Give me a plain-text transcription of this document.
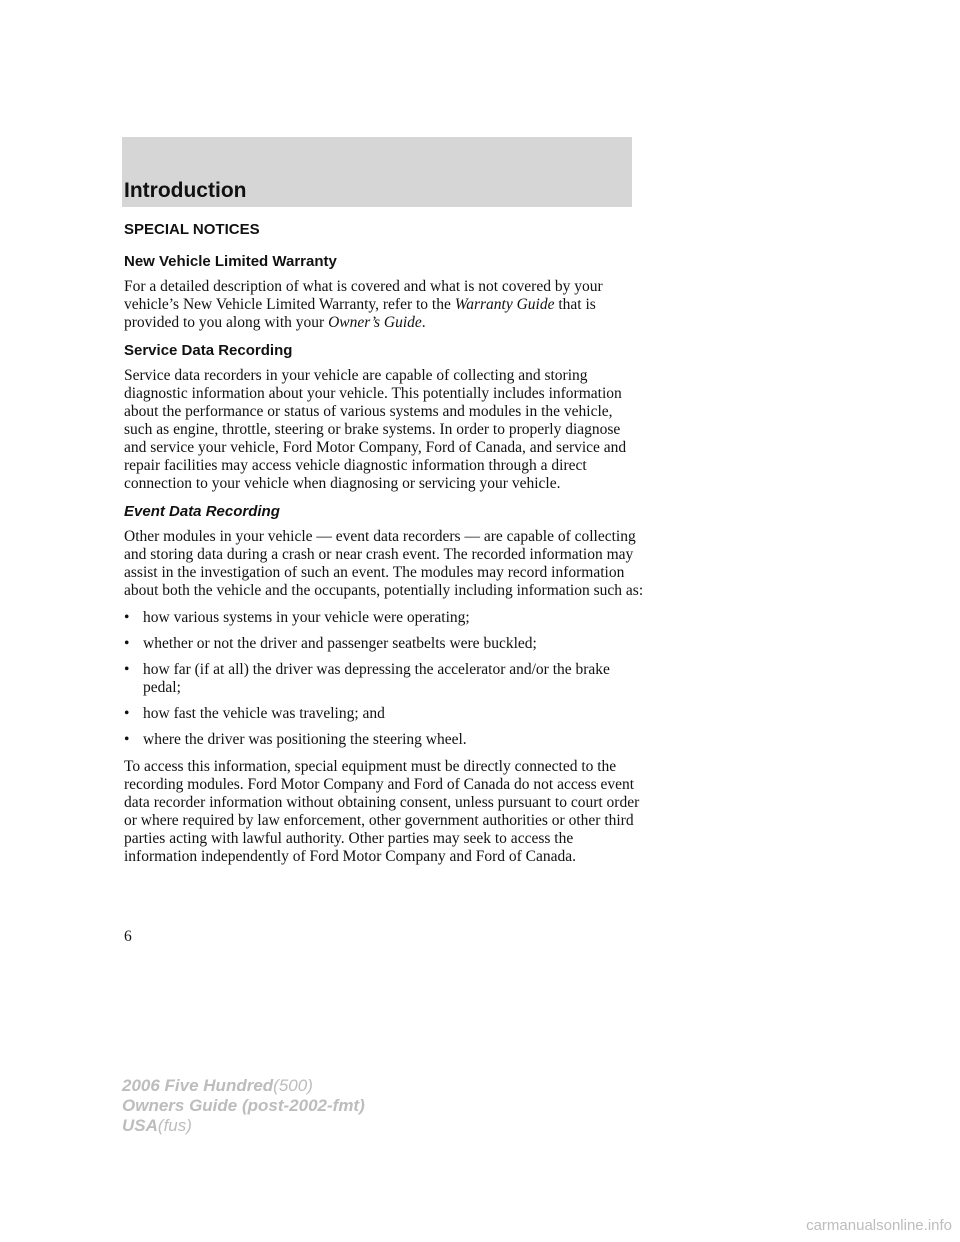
Introduction
SPECIAL NOTICES
New Vehicle Limited Warranty

For a detailed description of what is covered and what is not covered by your vehicle’s New Vehicle Limited Warranty, refer to the Warranty Guide that is provided to you along with your Owner’s Guide.

Service Data Recording

Service data recorders in your vehicle are capable of collecting and storing diagnostic information about your vehicle. This potentially includes information about the performance or status of various systems and modules in the vehicle, such as engine, throttle, steering or brake systems. In order to properly diagnose and service your vehicle, Ford Motor Company, Ford of Canada, and service and repair facilities may access vehicle diagnostic information through a direct connection to your vehicle when diagnosing or servicing your vehicle.

Event Data Recording

Other modules in your vehicle — event data recorders — are capable of collecting and storing data during a crash or near crash event. The recorded information may assist in the investigation of such an event. The modules may record information about both the vehicle and the occupants, potentially including information such as:

• how various systems in your vehicle were operating;
• whether or not the driver and passenger seatbelts were buckled;
• how far (if at all) the driver was depressing the accelerator and/or the brake pedal;
• how fast the vehicle was traveling; and
• where the driver was positioning the steering wheel.

To access this information, special equipment must be directly connected to the recording modules. Ford Motor Company and Ford of Canada do not access event data recorder information without obtaining consent, unless pursuant to court order or where required by law enforcement, other government authorities or other third parties acting with lawful authority. Other parties may seek to access the information independently of Ford Motor Company and Ford of Canada.

6
2006 Five Hundred(500)
Owners Guide (post-2002-fmt)
USA(fus)
carmanualsonline.info
